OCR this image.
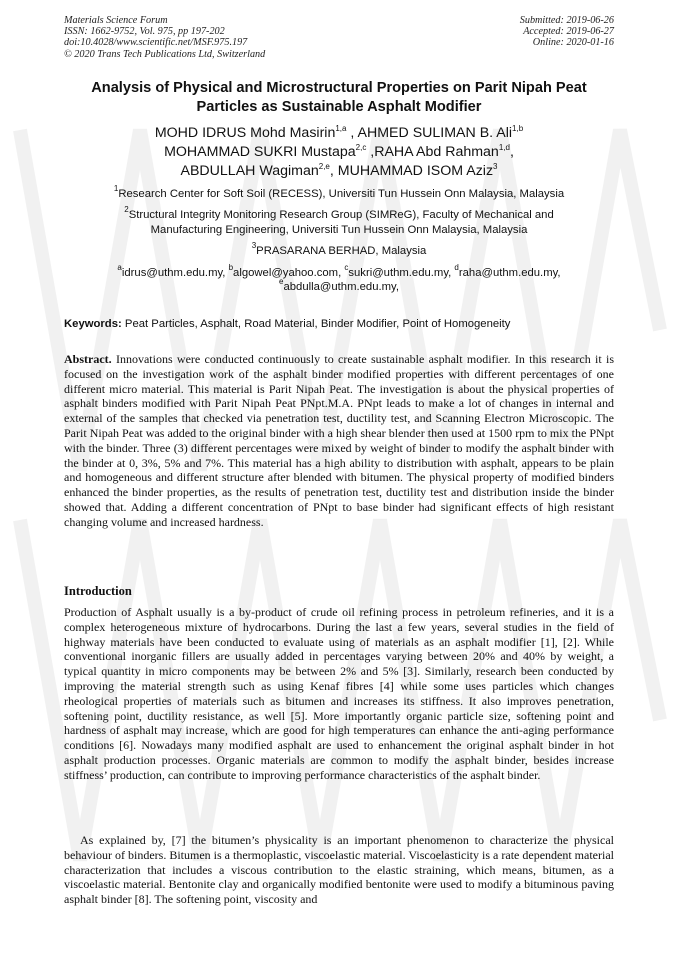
Materials Science Forum
ISSN: 1662-9752, Vol. 975, pp 197-202
doi:10.4028/www.scientific.net/MSF.975.197
© 2020 Trans Tech Publications Ltd, Switzerland
Submitted: 2019-06-26
Accepted: 2019-06-27
Online: 2020-01-16
Analysis of Physical and Microstructural Properties on Parit Nipah Peat
Particles as Sustainable Asphalt Modifier
MOHD IDRUS Mohd Masirin$^{1,a}$ , AHMED SULIMAN B. Ali$^{1,b}$
MOHAMMAD SUKRI Mustapa$^{2,c}$ ,RAHA Abd Rahman$^{1,d}$,
ABDULLAH Wagiman$^{2,e}$, MUHAMMAD ISOM Aziz$^3$
$^1$Research Center for Soft Soil (RECESS), Universiti Tun Hussein Onn Malaysia, Malaysia
$^2$Structural Integrity Monitoring Research Group (SIMReG), Faculty of Mechanical and
Manufacturing Engineering, Universiti Tun Hussein Onn Malaysia, Malaysia
$^3$PRASARANA BERHAD, Malaysia
$^a$idrus@uthm.edu.my, $^b$algowel@yahoo.com, $^c$sukri@uthm.edu.my, $^d$raha@uthm.edu.my,
$^e$abdulla@uthm.edu.my,
Keywords: Peat Particles, Asphalt, Road Material, Binder Modifier, Point of Homogeneity

Abstract. Innovations were conducted continuously to create sustainable asphalt modifier. In this research it is focused on the investigation work of the asphalt binder modified properties with different percentages of one different micro material. This material is Parit Nipah Peat. The investigation is about the physical properties of asphalt binders modified with Parit Nipah Peat PNpt.M.A. PNpt leads to make a lot of changes in internal and external of the samples that checked via penetration test, ductility test, and Scanning Electron Microscopic. The Parit Nipah Peat was added to the original binder with a high shear blender then used at 1500 rpm to mix the PNpt with the binder. Three (3) different percentages were mixed by weight of binder to modify the asphalt binder with the binder at 0, 3%, 5% and 7%. This material has a high ability to distribution with asphalt, appears to be plain and homogeneous and different structure after blended with bitumen. The physical property of modified binders enhanced the binder properties, as the results of penetration test, ductility test and distribution inside the binder showed that. Adding a different concentration of PNpt to base binder had significant effects of high resistant changing volume and increased hardness.

Introduction

Production of Asphalt usually is a by-product of crude oil refining process in petroleum refineries, and it is a complex heterogeneous mixture of hydrocarbons. During the last a few years, several studies in the field of highway materials have been conducted to evaluate using of materials as an asphalt modifier [1], [2]. While conventional inorganic fillers are usually added in percentages varying between 20% and 40% by weight, a typical quantity in micro components may be between 2% and 5% [3]. Similarly, research been conducted by improving the material strength such as using Kenaf fibres [4] while some uses particles which changes rheological properties of materials such as bitumen and increases its stiffness. It also improves penetration, softening point, ductility resistance, as well [5]. More importantly organic particle size, softening point and hardness of asphalt may increase, which are good for high temperatures can enhance the anti-aging performance conditions [6]. Nowadays many modified asphalt are used to enhancement the original asphalt binder in hot asphalt production processes. Organic materials are common to modify the asphalt binder, besides increase stiffness’ production, can contribute to improving performance characteristics of the asphalt binder.

As explained by, [7] the bitumen’s physicality is an important phenomenon to characterize the physical behaviour of binders. Bitumen is a thermoplastic, viscoelastic material. Viscoelasticity is a rate dependent material characterization that includes a viscous contribution to the elastic straining, which means, bitumen, as a viscoelastic material. Bentonite clay and organically modified bentonite were used to modify a bituminous paving asphalt binder [8]. The softening point, viscosity and
